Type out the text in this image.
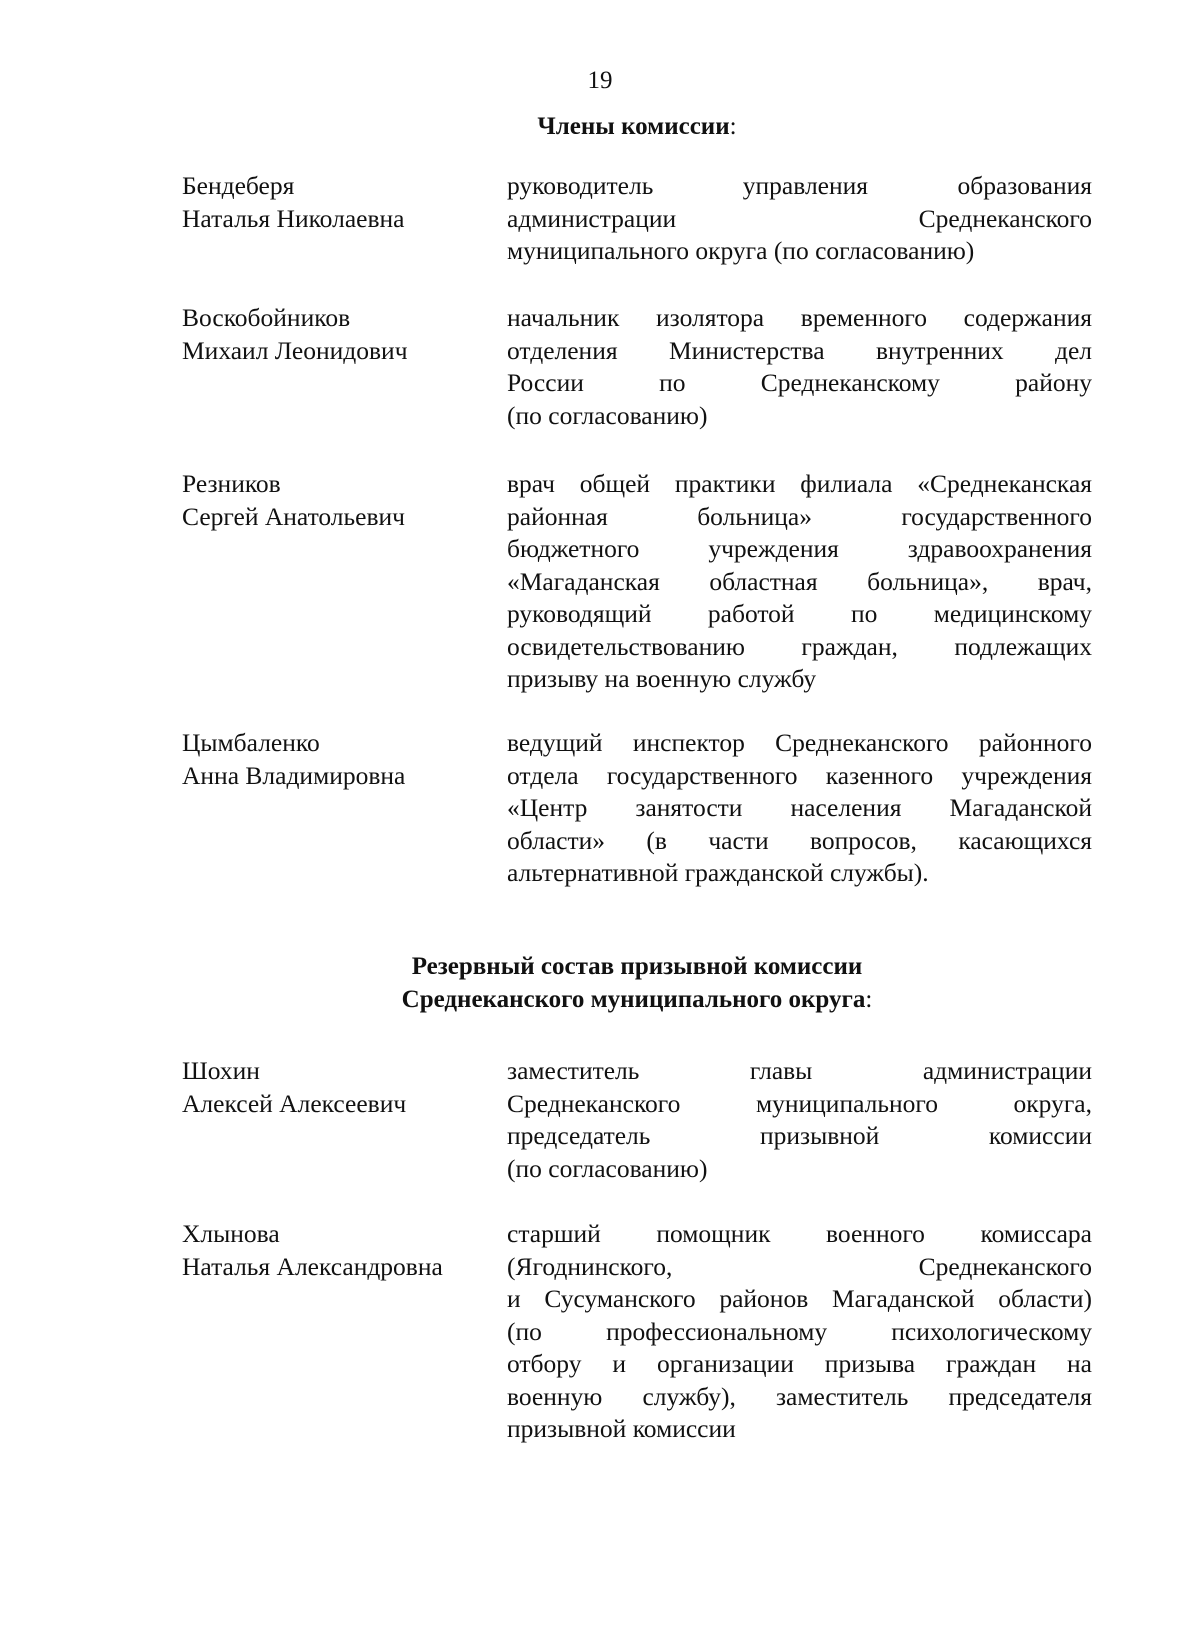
19
Члены комиссии:
Бендеберя
Наталья Николаевна
руководитель управления образования
администрации Среднеканского
муниципального округа (по согласованию)
Воскобойников
Михаил Леонидович
начальник изолятора временного содержания
отделения Министерства внутренних дел
России по Среднеканскому району
(по согласованию)
Резников
Сергей Анатольевич
врач общей практики филиала «Среднеканская
районная больница» государственного
бюджетного учреждения здравоохранения
«Магаданская областная больница», врач,
руководящий работой по медицинскому
освидетельствованию граждан, подлежащих
призыву на военную службу
Цымбаленко
Анна Владимировна
ведущий инспектор Среднеканского районного
отдела государственного казенного учреждения
«Центр занятости населения Магаданской
области» (в части вопросов, касающихся
альтернативной гражданской службы).
Резервный состав призывной комиссии
Среднеканского муниципального округа:
Шохин
Алексей Алексеевич
заместитель главы администрации
Среднеканского муниципального округа,
председатель призывной комиссии
(по согласованию)
Хлынова
Наталья Александровна
старший помощник военного комиссара
(Ягоднинского, Среднеканского
и Сусуманского районов Магаданской области)
(по профессиональному психологическому
отбору и организации призыва граждан на
военную службу), заместитель председателя
призывной комиссии
